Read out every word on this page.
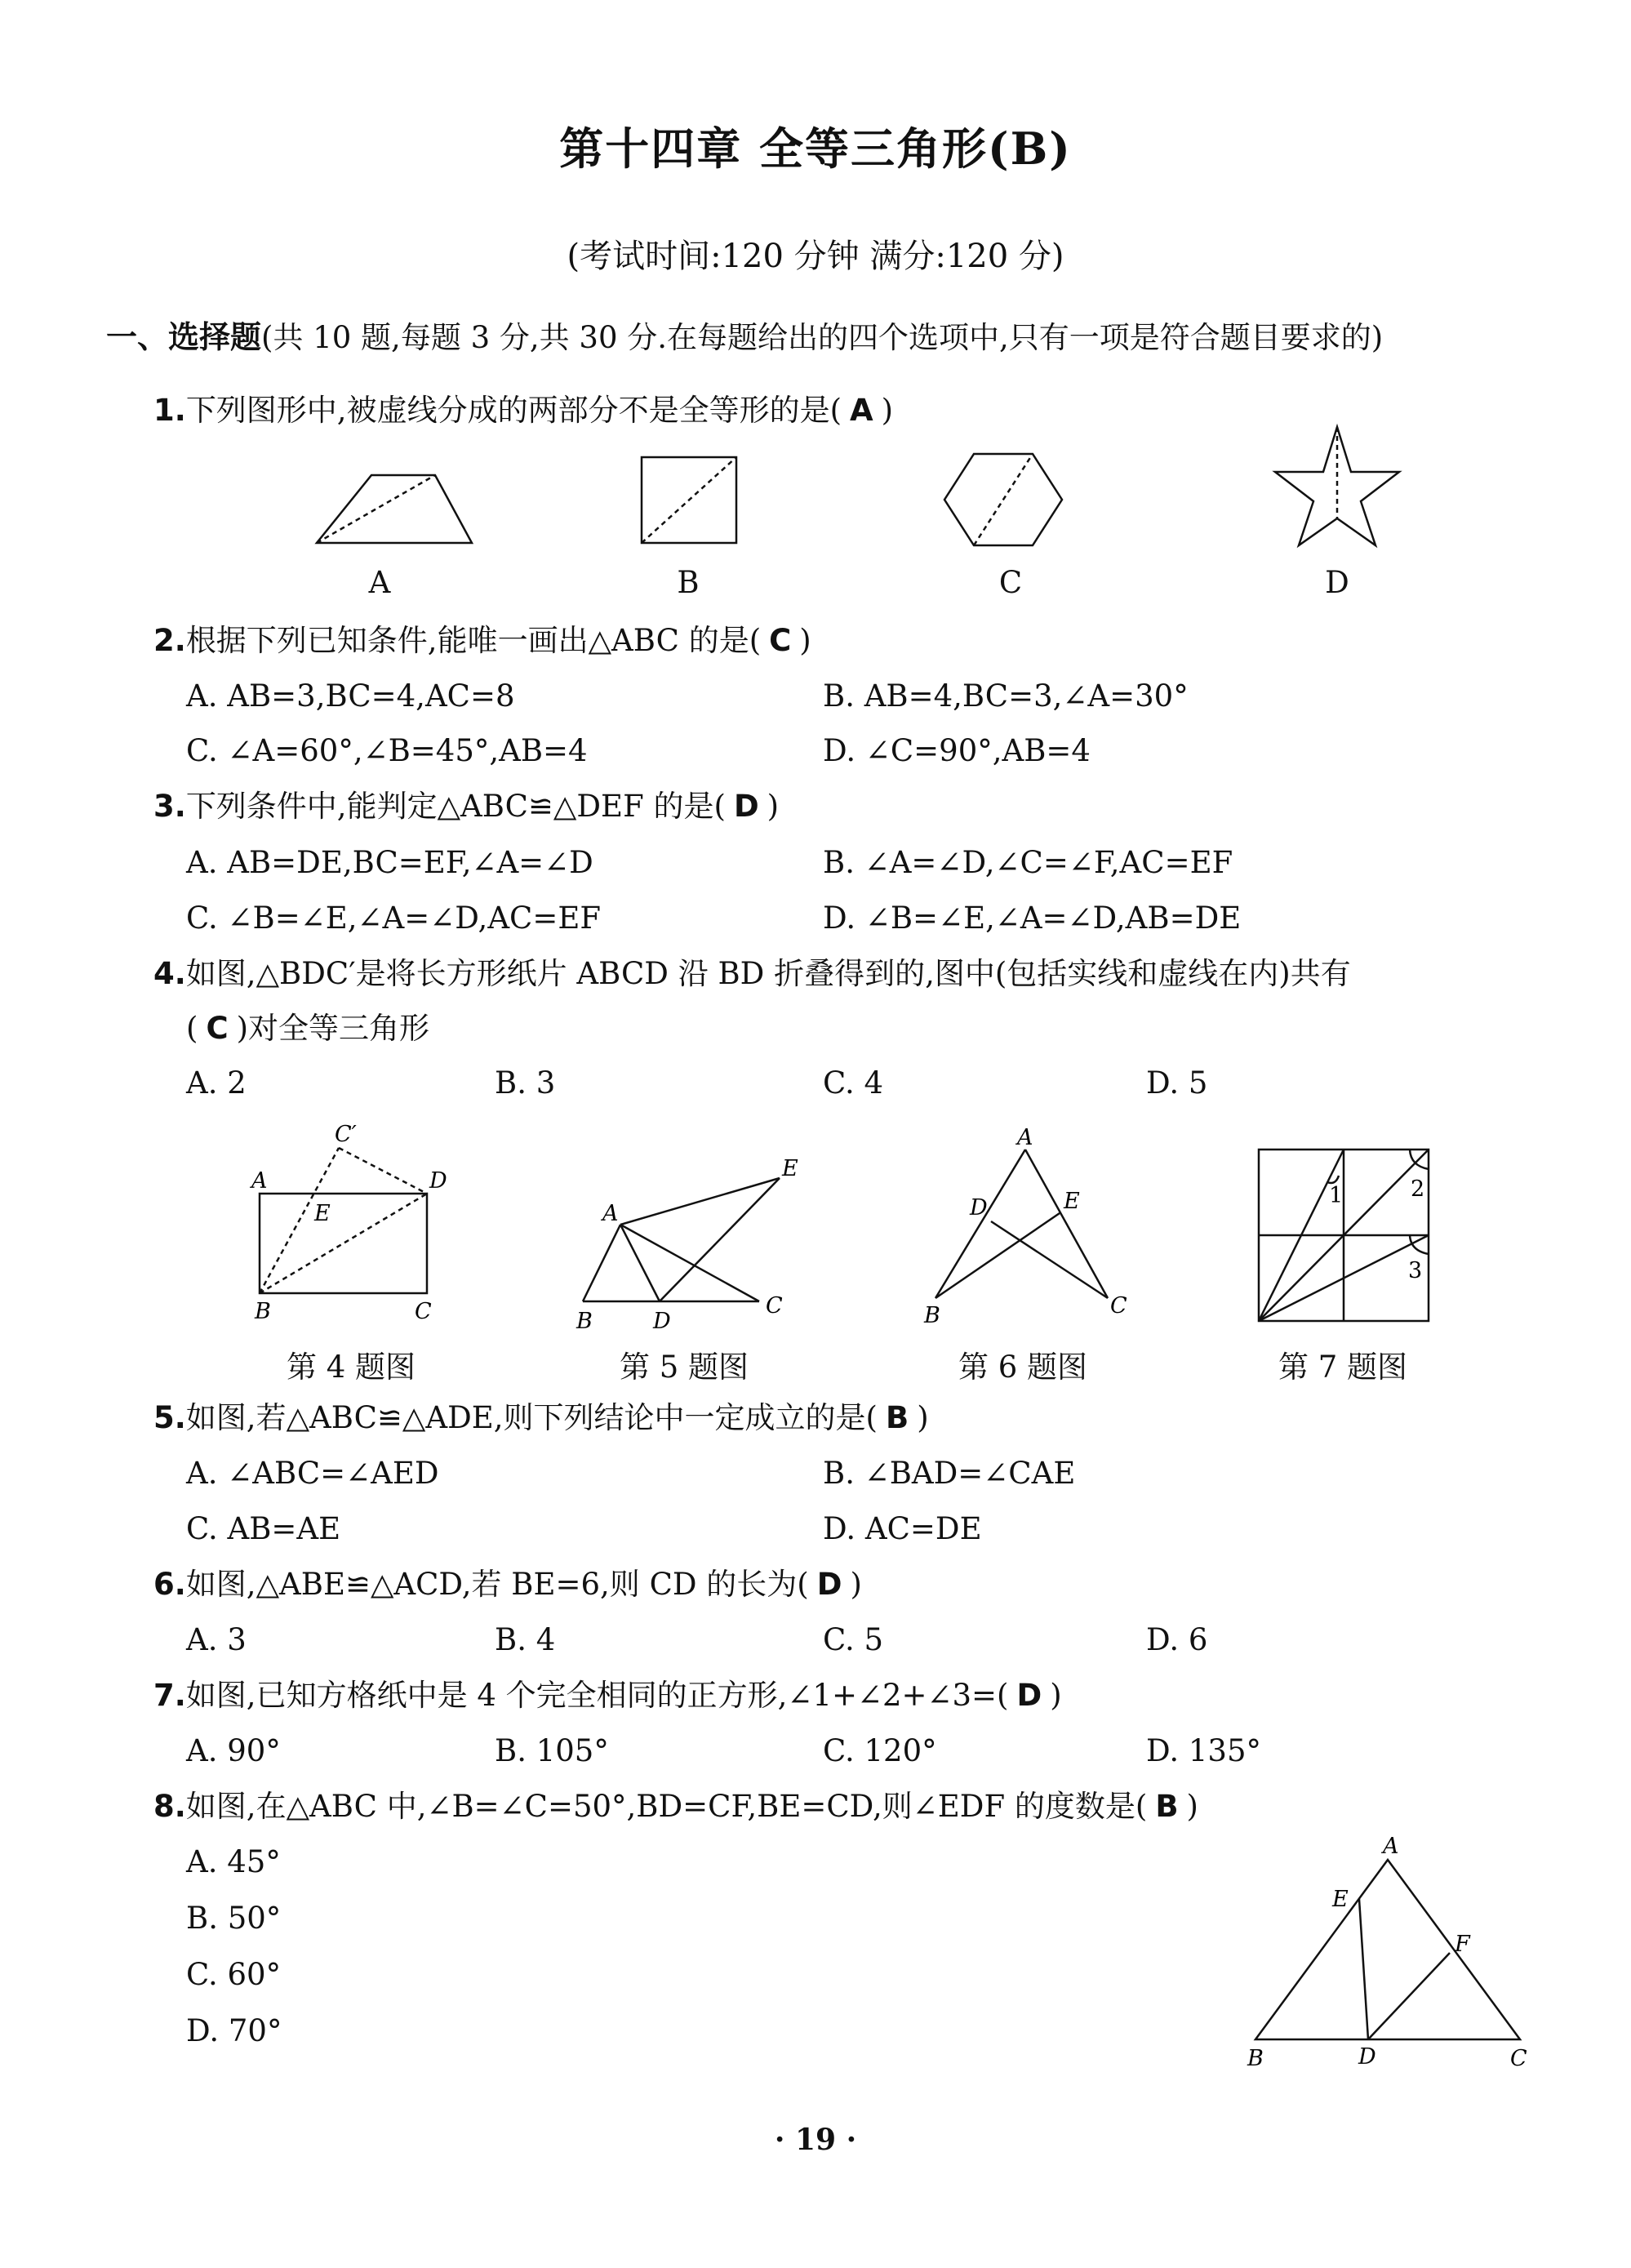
第十四章 全等三角形(B)
(考试时间:120 分钟 满分:120 分)
一、选择题(共 10 题,每题 3 分,共 30 分.在每题给出的四个选项中,只有一项是符合题目要求的)
1.下列图形中,被虚线分成的两部分不是全等形的是( A )
A	B	C	D
2.根据下列已知条件,能唯一画出△ABC 的是( C )
A. AB=3,BC=4,AC=8	B. AB=4,BC=3,∠A=30°
C. ∠A=60°,∠B=45°,AB=4	D. ∠C=90°,AB=4
3.下列条件中,能判定△ABC≌△DEF 的是( D )
A. AB=DE,BC=EF,∠A=∠D	B. ∠A=∠D,∠C=∠F,AC=EF
C. ∠B=∠E,∠A=∠D,AC=EF	D. ∠B=∠E,∠A=∠D,AB=DE
4.如图,△BDC′是将长方形纸片 ABCD 沿 BD 折叠得到的,图中(包括实线和虚线在内)共有
( C )对全等三角形
A. 2	B. 3	C. 4	D. 5
C′
A	D
E
B	C
E
A
B	D
C
A
D	E
B	C
1	2
3
第 4 题图	第 5 题图	第 6 题图	第 7 题图
5.如图,若△ABC≌△ADE,则下列结论中一定成立的是( B )
A. ∠ABC=∠AED	B. ∠BAD=∠CAE
C. AB=AE	D. AC=DE
6.如图,△ABE≌△ACD,若 BE=6,则 CD 的长为( D )
A. 3	B. 4	C. 5	D. 6
7.如图,已知方格纸中是 4 个完全相同的正方形,∠1+∠2+∠3=( D )
A. 90°	B. 105°	C. 120°	D. 135°
8.如图,在△ABC 中,∠B=∠C=50°,BD=CF,BE=CD,则∠EDF 的度数是( B )
A. 45°
B. 50°
C. 60°
D. 70°
A
E
F
B	D	C
· 19 ·
